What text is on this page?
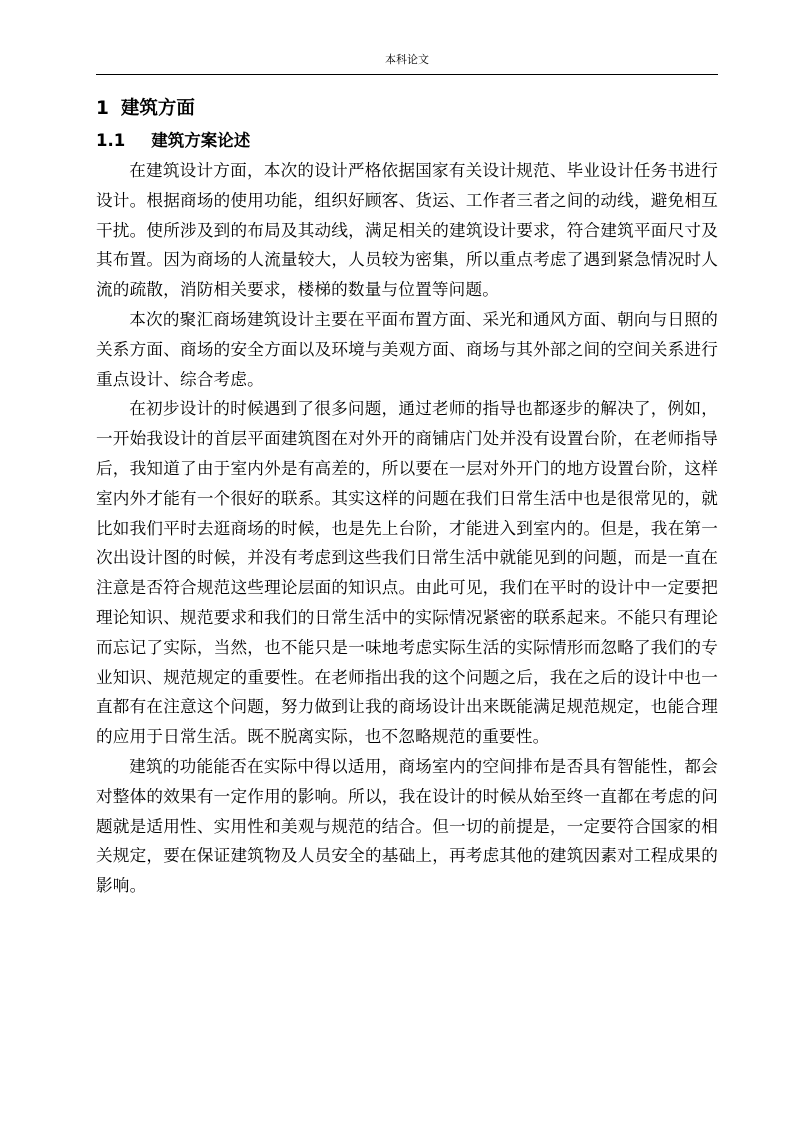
本科论文
1 建筑方面
1.1 建筑方案论述

在建筑设计方面，本次的设计严格依据国家有关设计规范、毕业设计任务书进行设计。根据商场的使用功能，组织好顾客、货运、工作者三者之间的动线，避免相互干扰。使所涉及到的布局及其动线，满足相关的建筑设计要求，符合建筑平面尺寸及其布置。因为商场的人流量较大，人员较为密集，所以重点考虑了遇到紧急情况时人流的疏散，消防相关要求，楼梯的数量与位置等问题。

本次的聚汇商场建筑设计主要在平面布置方面、采光和通风方面、朝向与日照的关系方面、商场的安全方面以及环境与美观方面、商场与其外部之间的空间关系进行重点设计、综合考虑。

在初步设计的时候遇到了很多问题，通过老师的指导也都逐步的解决了，例如，一开始我设计的首层平面建筑图在对外开的商铺店门处并没有设置台阶，在老师指导后，我知道了由于室内外是有高差的，所以要在一层对外开门的地方设置台阶，这样室内外才能有一个很好的联系。其实这样的问题在我们日常生活中也是很常见的，就比如我们平时去逛商场的时候，也是先上台阶，才能进入到室内的。但是，我在第一次出设计图的时候，并没有考虑到这些我们日常生活中就能见到的问题，而是一直在注意是否符合规范这些理论层面的知识点。由此可见，我们在平时的设计中一定要把理论知识、规范要求和我们的日常生活中的实际情况紧密的联系起来。不能只有理论而忘记了实际，当然，也不能只是一味地考虑实际生活的实际情形而忽略了我们的专业知识、规范规定的重要性。在老师指出我的这个问题之后，我在之后的设计中也一直都有在注意这个问题，努力做到让我的商场设计出来既能满足规范规定，也能合理的应用于日常生活。既不脱离实际，也不忽略规范的重要性。

建筑的功能能否在实际中得以适用，商场室内的空间排布是否具有智能性，都会对整体的效果有一定作用的影响。所以，我在设计的时候从始至终一直都在考虑的问题就是适用性、实用性和美观与规范的结合。但一切的前提是，一定要符合国家的相关规定，要在保证建筑物及人员安全的基础上，再考虑其他的建筑因素对工程成果的影响。
